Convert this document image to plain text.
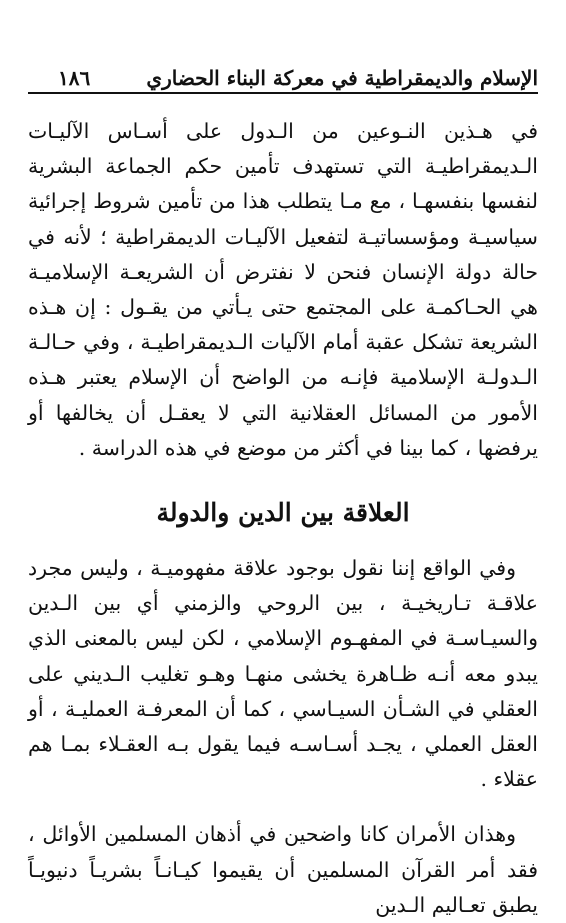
الإسلام والديمقراطية في معركة البناء الحضاري
١٨٦

في هـذين النـوعين من الـدول على أسـاس الآليـات الـديمقراطيـة التي تستهدف تأمين حكم الجماعة البشرية لنفسها بنفسهـا ، مع مـا يتطلب هذا من تأمين شروط إجرائية سياسيـة ومؤسساتيـة لتفعيل الآليـات الديمقراطية ؛ لأنه في حالة دولة الإنسان فنحن لا نفترض أن الشريعـة الإسلاميـة هي الحـاكمـة على المجتمع حتى يـأتي من يقـول : إن هـذه الشريعة تشكل عقبة أمام الآليات الـديمقراطيـة ، وفي حـالـة الـدولـة الإسلامية فإنـه من الواضح أن الإسلام يعتبر هـذه الأمور من المسائل العقلانية التي لا يعقـل أن يخالفها أو يرفضها ، كما بينا في أكثر من موضع في هذه الدراسة .

العلاقة بين الدين والدولة

وفي الواقع إننا نقول بوجود علاقة مفهوميـة ، وليس مجرد علاقـة تـاريخيـة ، بين الروحي والزمني أي بين الـدين والسيـاسـة في المفهـوم الإسلامي ، لكن ليس بالمعنى الذي يبدو معه أنـه ظـاهرة يخشى منهـا وهـو تغليب الـديني على العقلي في الشـأن السيـاسي ، كما أن المعرفـة العمليـة ، أو العقل العملي ، يجـد أسـاسـه فيما يقول بـه العقـلاء بمـا هم عقلاء .

وهذان الأمران كانا واضحين في أذهان المسلمين الأوائل ، فقد أمر القرآن المسلمين أن يقيموا كيـانـاً بشريـاً دنيويـاً يطبق تعـاليم الـدين
